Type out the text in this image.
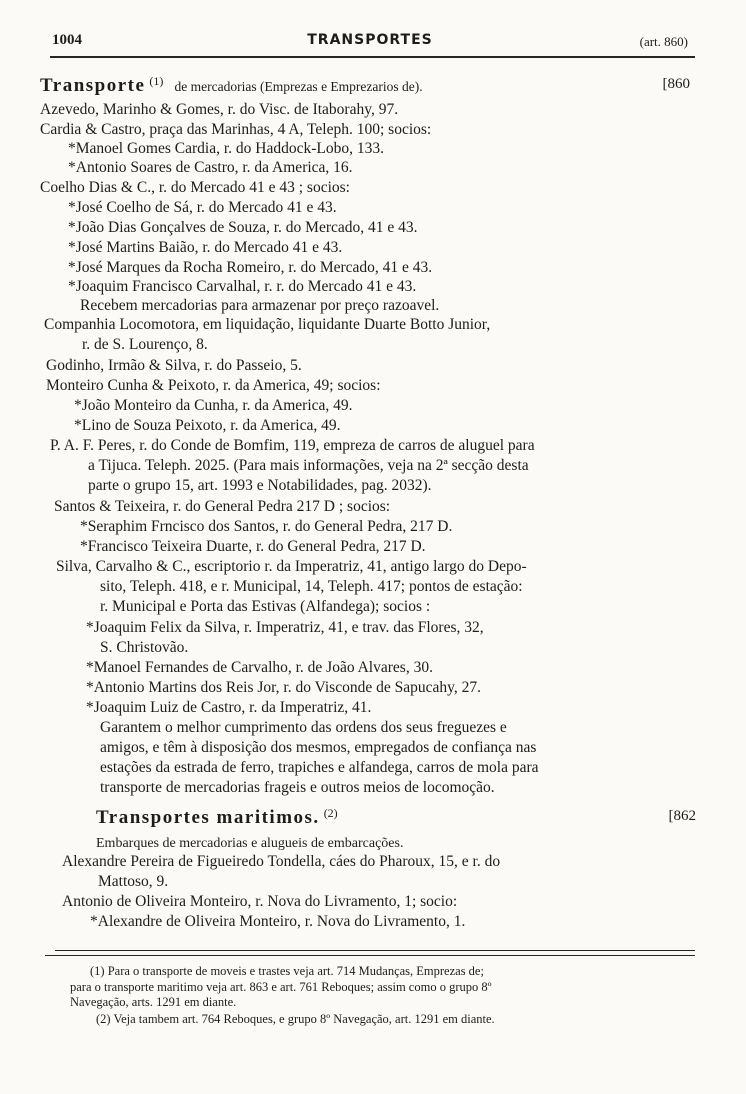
1004	TRANSPORTES	(art. 860)
Transporte $^{(1)}$ de mercadorias (Emprezas e Emprezarios de).	[860
Azevedo, Marinho & Gomes, r. do Visc. de Itaborahy, 97.
Cardia & Castro, praça das Marinhas, 4 A, Teleph. 100; socios:
*Manoel Gomes Cardia, r. do Haddock-Lobo, 133.
*Antonio Soares de Castro, r. da America, 16.
Coelho Dias & C., r. do Mercado 41 e 43 ; socios:
*José Coelho de Sá, r. do Mercado 41 e 43.
*João Dias Gonçalves de Souza, r. do Mercado, 41 e 43.
*José Martins Baião, r. do Mercado 41 e 43.
*José Marques da Rocha Romeiro, r. do Mercado, 41 e 43.
*Joaquim Francisco Carvalhal, r. r. do Mercado 41 e 43.
Recebem mercadorias para armazenar por preço razoavel.
Companhia Locomotora, em liquidação, liquidante Duarte Botto Junior,
r. de S. Lourenço, 8.
Godinho, Irmão & Silva, r. do Passeio, 5.
Monteiro Cunha & Peixoto, r. da America, 49; socios:
*João Monteiro da Cunha, r. da America, 49.
*Lino de Souza Peixoto, r. da America, 49.
P. A. F. Peres, r. do Conde de Bomfim, 119, empreza de carros de aluguel para
a Tijuca. Teleph. 2025. (Para mais informações, veja na 2ª secção desta
parte o grupo 15, art. 1993 e Notabilidades, pag. 2032).
Santos & Teixeira, r. do General Pedra 217 D ; socios:
*Seraphim Frncisco dos Santos, r. do General Pedra, 217 D.
*Francisco Teixeira Duarte, r. do General Pedra, 217 D.
Silva, Carvalho & C., escriptorio r. da Imperatriz, 41, antigo largo do Depo-
sito, Teleph. 418, e r. Municipal, 14, Teleph. 417; pontos de estação:
r. Municipal e Porta das Estivas (Alfandega); socios :
*Joaquim Felix da Silva, r. Imperatriz, 41, e trav. das Flores, 32,
S. Christovão.
*Manoel Fernandes de Carvalho, r. de João Alvares, 30.
*Antonio Martins dos Reis Jor, r. do Visconde de Sapucahy, 27.
*Joaquim Luiz de Castro, r. da Imperatriz, 41.
Garantem o melhor cumprimento das ordens dos seus freguezes e
amigos, e têm à disposição dos mesmos, empregados de confiança nas
estações da estrada de ferro, trapiches e alfandega, carros de mola para
transporte de mercadorias frageis e outros meios de locomoção.
Transportes maritimos. $^{(2)}$	[862
Embarques de mercadorias e alugueis de embarcações.
Alexandre Pereira de Figueiredo Tondella, cáes do Pharoux, 15, e r. do
Mattoso, 9.
Antonio de Oliveira Monteiro, r. Nova do Livramento, 1; socio:
*Alexandre de Oliveira Monteiro, r. Nova do Livramento, 1.
(1) Para o transporte de moveis e trastes veja art. 714 Mudanças, Emprezas de;
para o transporte maritimo veja art. 863 e art. 761 Reboques; assim como o grupo 8º
Navegação, arts. 1291 em diante.
(2) Veja tambem art. 764 Reboques, e grupo 8º Navegação, art. 1291 em diante.
